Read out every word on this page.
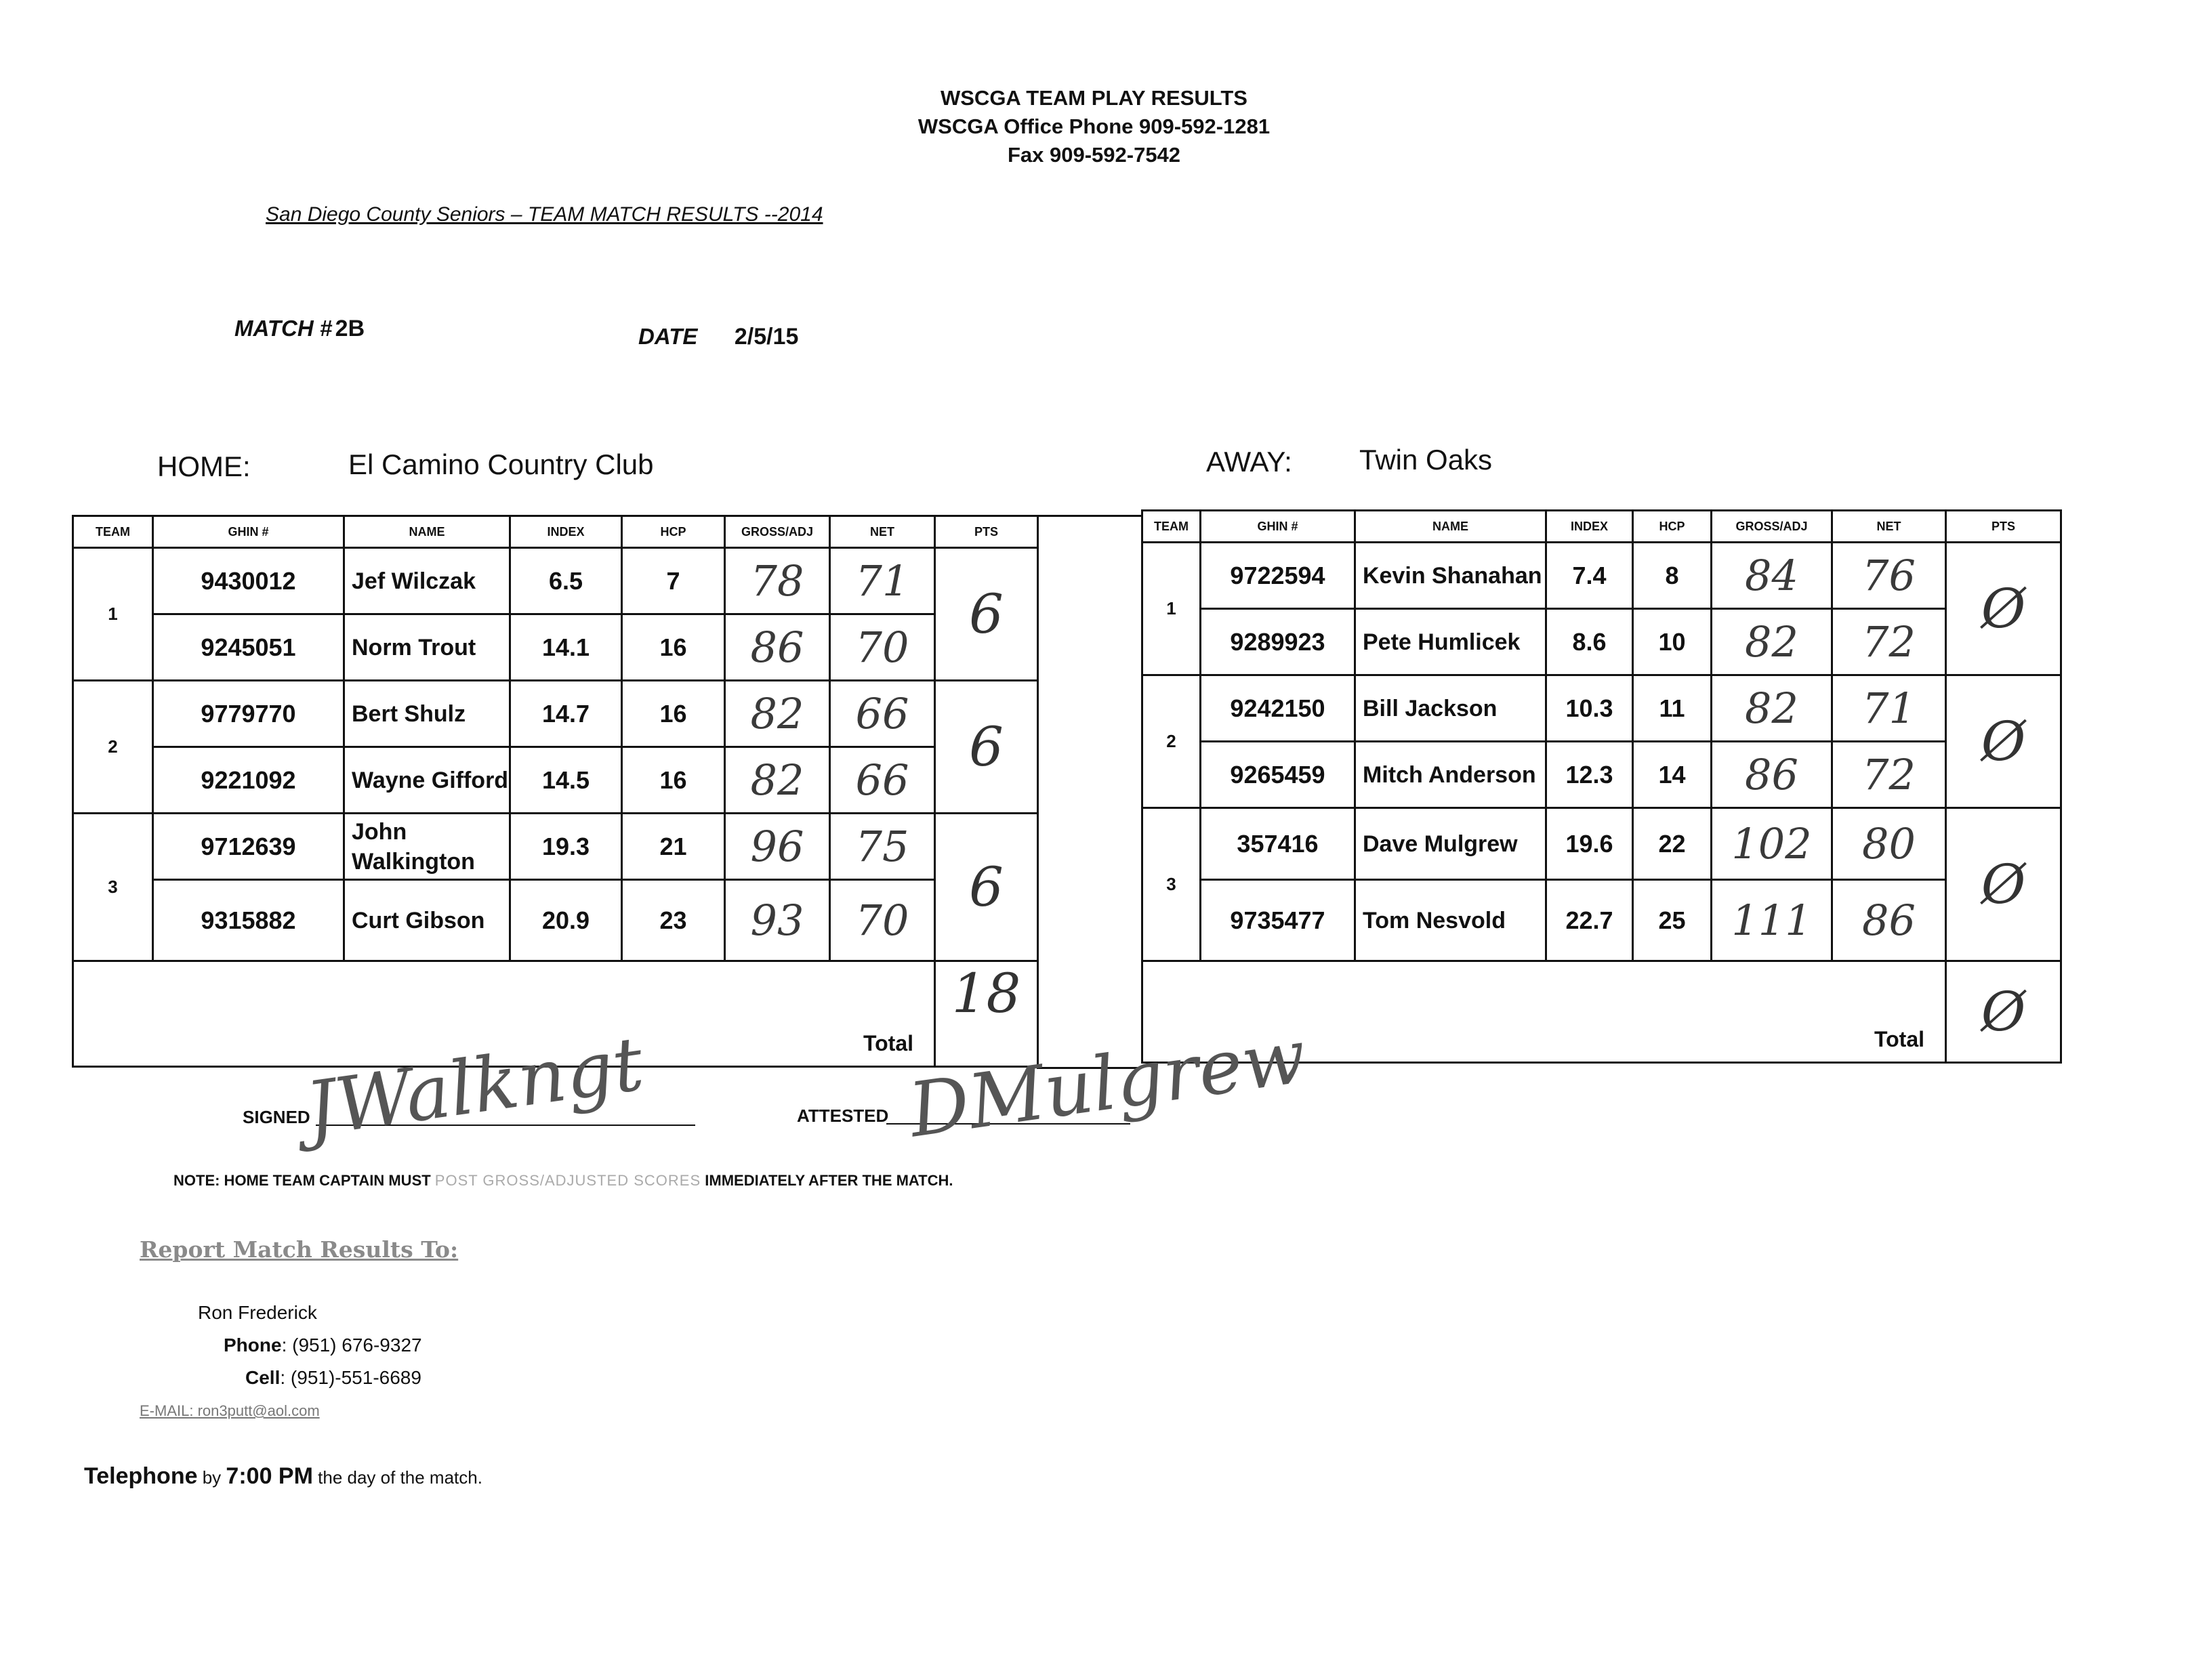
WSCGA TEAM PLAY RESULTS
WSCGA Office Phone 909-592-1281
Fax 909-592-7542
San Diego County Seniors – TEAM MATCH RESULTS --2014
MATCH # 2B	DATE 2/5/15
HOME:	El Camino Country Club	AWAY: Twin Oaks
TEAM	GHIN #	NAME	INDEX	HCP	GROSS/ADJ	NET	PTS
1	9430012	Jef Wilczak	6.5	7	78	71	6
	9245051	Norm Trout	14.1	16	86	70	
2	9779770	Bert Shulz	14.7	16	82	66	6
	9221092	Wayne Gifford	14.5	16	82	66	
3	9712639	John Walkington	19.3	21	96	75	6
	9315882	Curt Gibson	20.9	23	93	70	
Total							18
TEAM	GHIN #	NAME	INDEX	HCP	GROSS/ADJ	NET	PTS
1	9722594	Kevin Shanahan	7.4	8	84	76	Ø
	9289923	Pete Humlicek	8.6	10	82	72	
2	9242150	Bill Jackson	10.3	11	82	71	Ø
	9265459	Mitch Anderson	12.3	14	86	72	
3	357416	Dave Mulgrew	19.6	22	102	80	Ø
	9735477	Tom Nesvold	22.7	25	111	86	
Total							Ø
SIGNED
JWalkngt	ATTESTED DMulgrew
NOTE: HOME TEAM CAPTAIN MUST POST GROSS/ADJUSTED SCORES IMMEDIATELY AFTER THE MATCH.
Report Match Results To:
Ron Frederick
Phone: (951) 676-9327
Cell: (951)-551-6689
E-MAIL: ron3putt@aol.com
Telephone by 7:00 PM the day of the match.
